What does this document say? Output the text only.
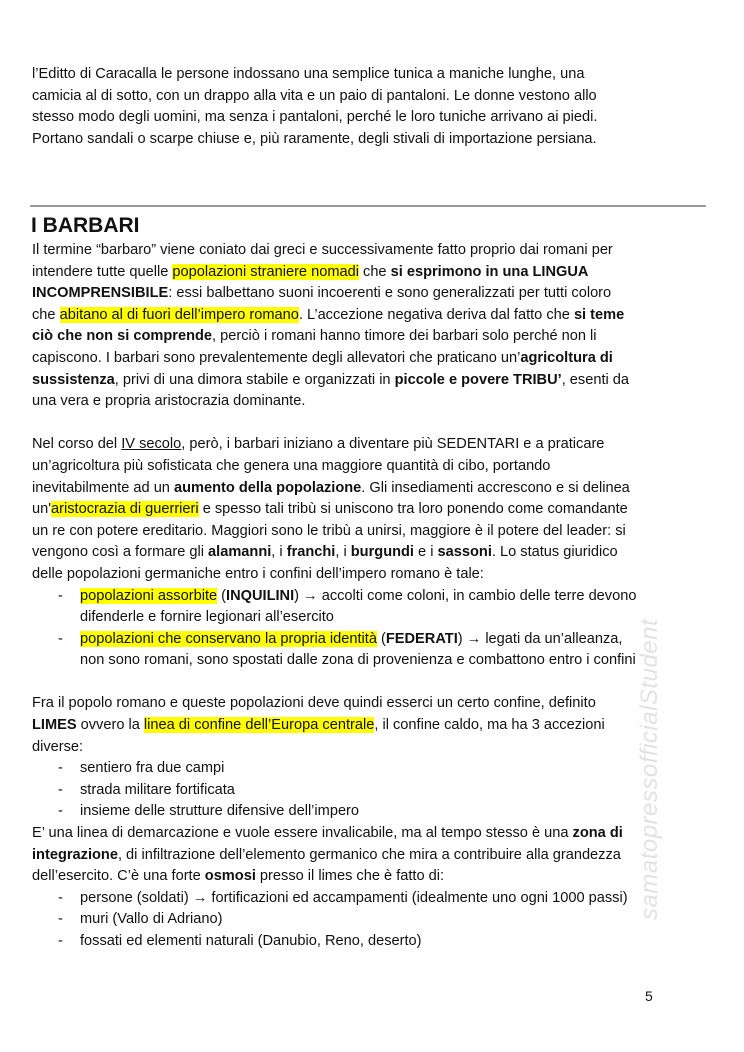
l’Editto di Caracalla le persone indossano una semplice tunica a maniche lunghe, una
camicia al di sotto, con un drappo alla vita e un paio di pantaloni. Le donne vestono allo
stesso modo degli uomini, ma senza i pantaloni, perché le loro tuniche arrivano ai piedi.
Portano sandali o scarpe chiuse e, più raramente, degli stivali di importazione persiana.
I BARBARI
Il termine “barbaro” viene coniato dai greci e successivamente fatto proprio dai romani per
intendere tutte quelle popolazioni straniere nomadi che si esprimono in una LINGUA
INCOMPRENSIBILE: essi balbettano suoni incoerenti e sono generalizzati per tutti coloro
che abitano al di fuori dell’impero romano. L’accezione negativa deriva dal fatto che si teme
ciò che non si comprende, perciò i romani hanno timore dei barbari solo perché non li
capiscono. I barbari sono prevalentemente degli allevatori che praticano un’agricoltura di
sussistenza, privi di una dimora stabile e organizzati in piccole e povere TRIBU’, esenti da
una vera e propria aristocrazia dominante.
Nel corso del IV secolo, però, i barbari iniziano a diventare più SEDENTARI e a praticare
un’agricoltura più sofisticata che genera una maggiore quantità di cibo, portando
inevitabilmente ad un aumento della popolazione. Gli insediamenti accrescono e si delinea
un'aristocrazia di guerrieri e spesso tali tribù si uniscono tra loro ponendo come comandante
un re con potere ereditario. Maggiori sono le tribù a unirsi, maggiore è il potere del leader: si
vengono così a formare gli alamanni, i franchi, i burgundi e i sassoni. Lo status giuridico
delle popolazioni germaniche entro i confini dell’impero romano è tale:
- popolazioni assorbite (INQUILINI) → accolti come coloni, in cambio delle terre devono
difenderle e fornire legionari all’esercito
- popolazioni che conservano la propria identità (FEDERATI) → legati da un’alleanza,
non sono romani, sono spostati dalle zona di provenienza e combattono entro i confini
Fra il popolo romano e queste popolazioni deve quindi esserci un certo confine, definito
LIMES ovvero la linea di confine dell’Europa centrale, il confine caldo, ma ha 3 accezioni
diverse:
- sentiero fra due campi
- strada militare fortificata
- insieme delle strutture difensive dell’impero
E’ una linea di demarcazione e vuole essere invalicabile, ma al tempo stesso è una zona di
integrazione, di infiltrazione dell’elemento germanico che mira a contribuire alla grandezza
dell’esercito. C’è una forte osmosi presso il limes che è fatto di:
- persone (soldati) → fortificazioni ed accampamenti (idealmente uno ogni 1000 passi)
- muri (Vallo di Adriano)
- fossati ed elementi naturali (Danubio, Reno, deserto)
5
samatopressofficialStudent
